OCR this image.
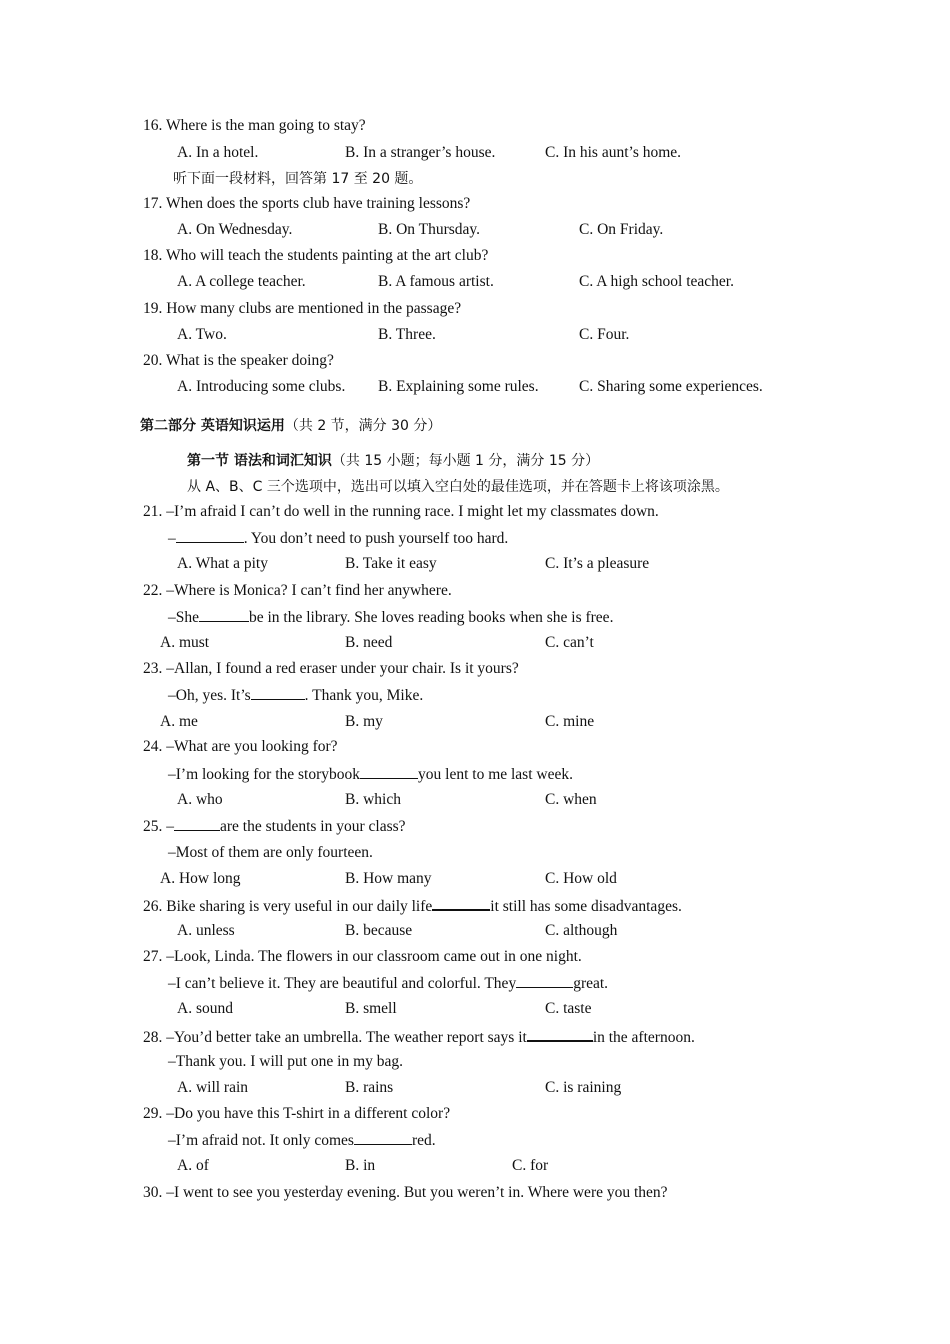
16. Where is the man going to stay?
A. In a hotel.	B. In a stranger’s house.	C. In his aunt’s home.
听下面一段材料，回答第 17 至 20 题。
17. When does the sports club have training lessons?
A. On Wednesday.	B. On Thursday.	C. On Friday.
18. Who will teach the students painting at the art club?
A. A college teacher.	B. A famous artist.	C. A high school teacher.
19. How many clubs are mentioned in the passage?
A. Two.	B. Three.	C. Four.
20. What is the speaker doing?
A. Introducing some clubs.	B. Explaining some rules.	C. Sharing some experiences.
第二部分 英语知识运用（共 2 节，满分 30 分）
第一节 语法和词汇知识（共 15 小题；每小题 1 分，满分 15 分）
从 A、B、C 三个选项中，选出可以填入空白处的最佳选项，并在答题卡上将该项涂黑。
21. –I’m afraid I can’t do well in the running race. I might let my classmates down.
–	. You don’t need to push yourself too hard.
A. What a pity	B. Take it easy	C. It’s a pleasure
22. –Where is Monica? I can’t find her anywhere.
–She	be in the library. She loves reading books when she is free.
A. must	B. need	C. can’t
23. –Allan, I found a red eraser under your chair. Is it yours?
–Oh, yes. It’s	. Thank you, Mike.
A. me	B. my	C. mine
24. –What are you looking for?
–I’m looking for the storybook	you lent to me last week.
A. who	B. which	C. when
25. –	are the students in your class?
–Most of them are only fourteen.
A. How long	B. How many	C. How old
26. Bike sharing is very useful in our daily life	it still has some disadvantages.
A. unless	B. because	C. although
27. –Look, Linda. The flowers in our classroom came out in one night.
–I can’t believe it. They are beautiful and colorful. They	great.
A. sound	B. smell	C. taste
28. –You’d better take an umbrella. The weather report says it	in the afternoon.
–Thank you. I will put one in my bag.
A. will rain	B. rains	C. is raining
29. –Do you have this T-shirt in a different color?
–I’m afraid not. It only comes	red.
A. of	B. in	C. for
30. –I went to see you yesterday evening. But you weren’t in. Where were you then?
